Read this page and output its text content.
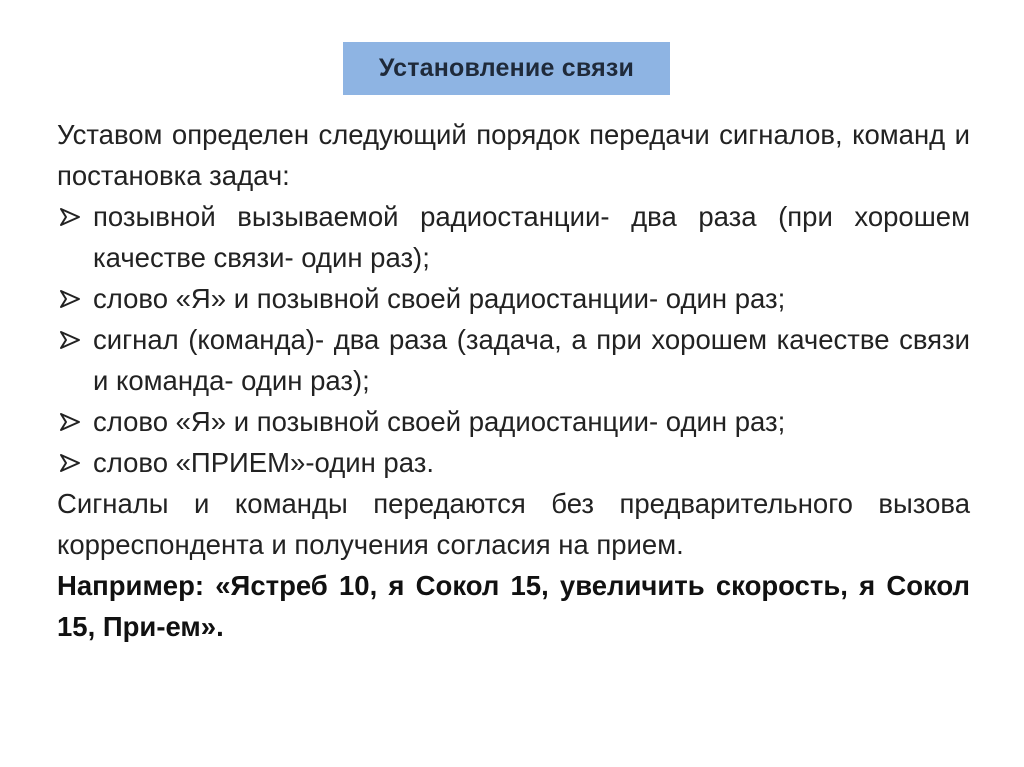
Установление связи

Уставом определен следующий порядок передачи сигналов, команд и постановка задач:

позывной вызываемой радиостанции- два раза (при хорошем качестве связи- один раз);
слово «Я» и позывной своей радиостанции- один раз;
сигнал (команда)- два раза (задача, а при хорошем качестве связи и команда- один раз);
слово «Я» и позывной своей радиостанции- один раз;
слово «ПРИЕМ»-один раз.

Сигналы и команды передаются без предварительного вызова корреспондента и получения согласия на прием.

Например: «Ястреб 10, я Сокол 15, увеличить скорость, я Сокол 15, При-ем».
